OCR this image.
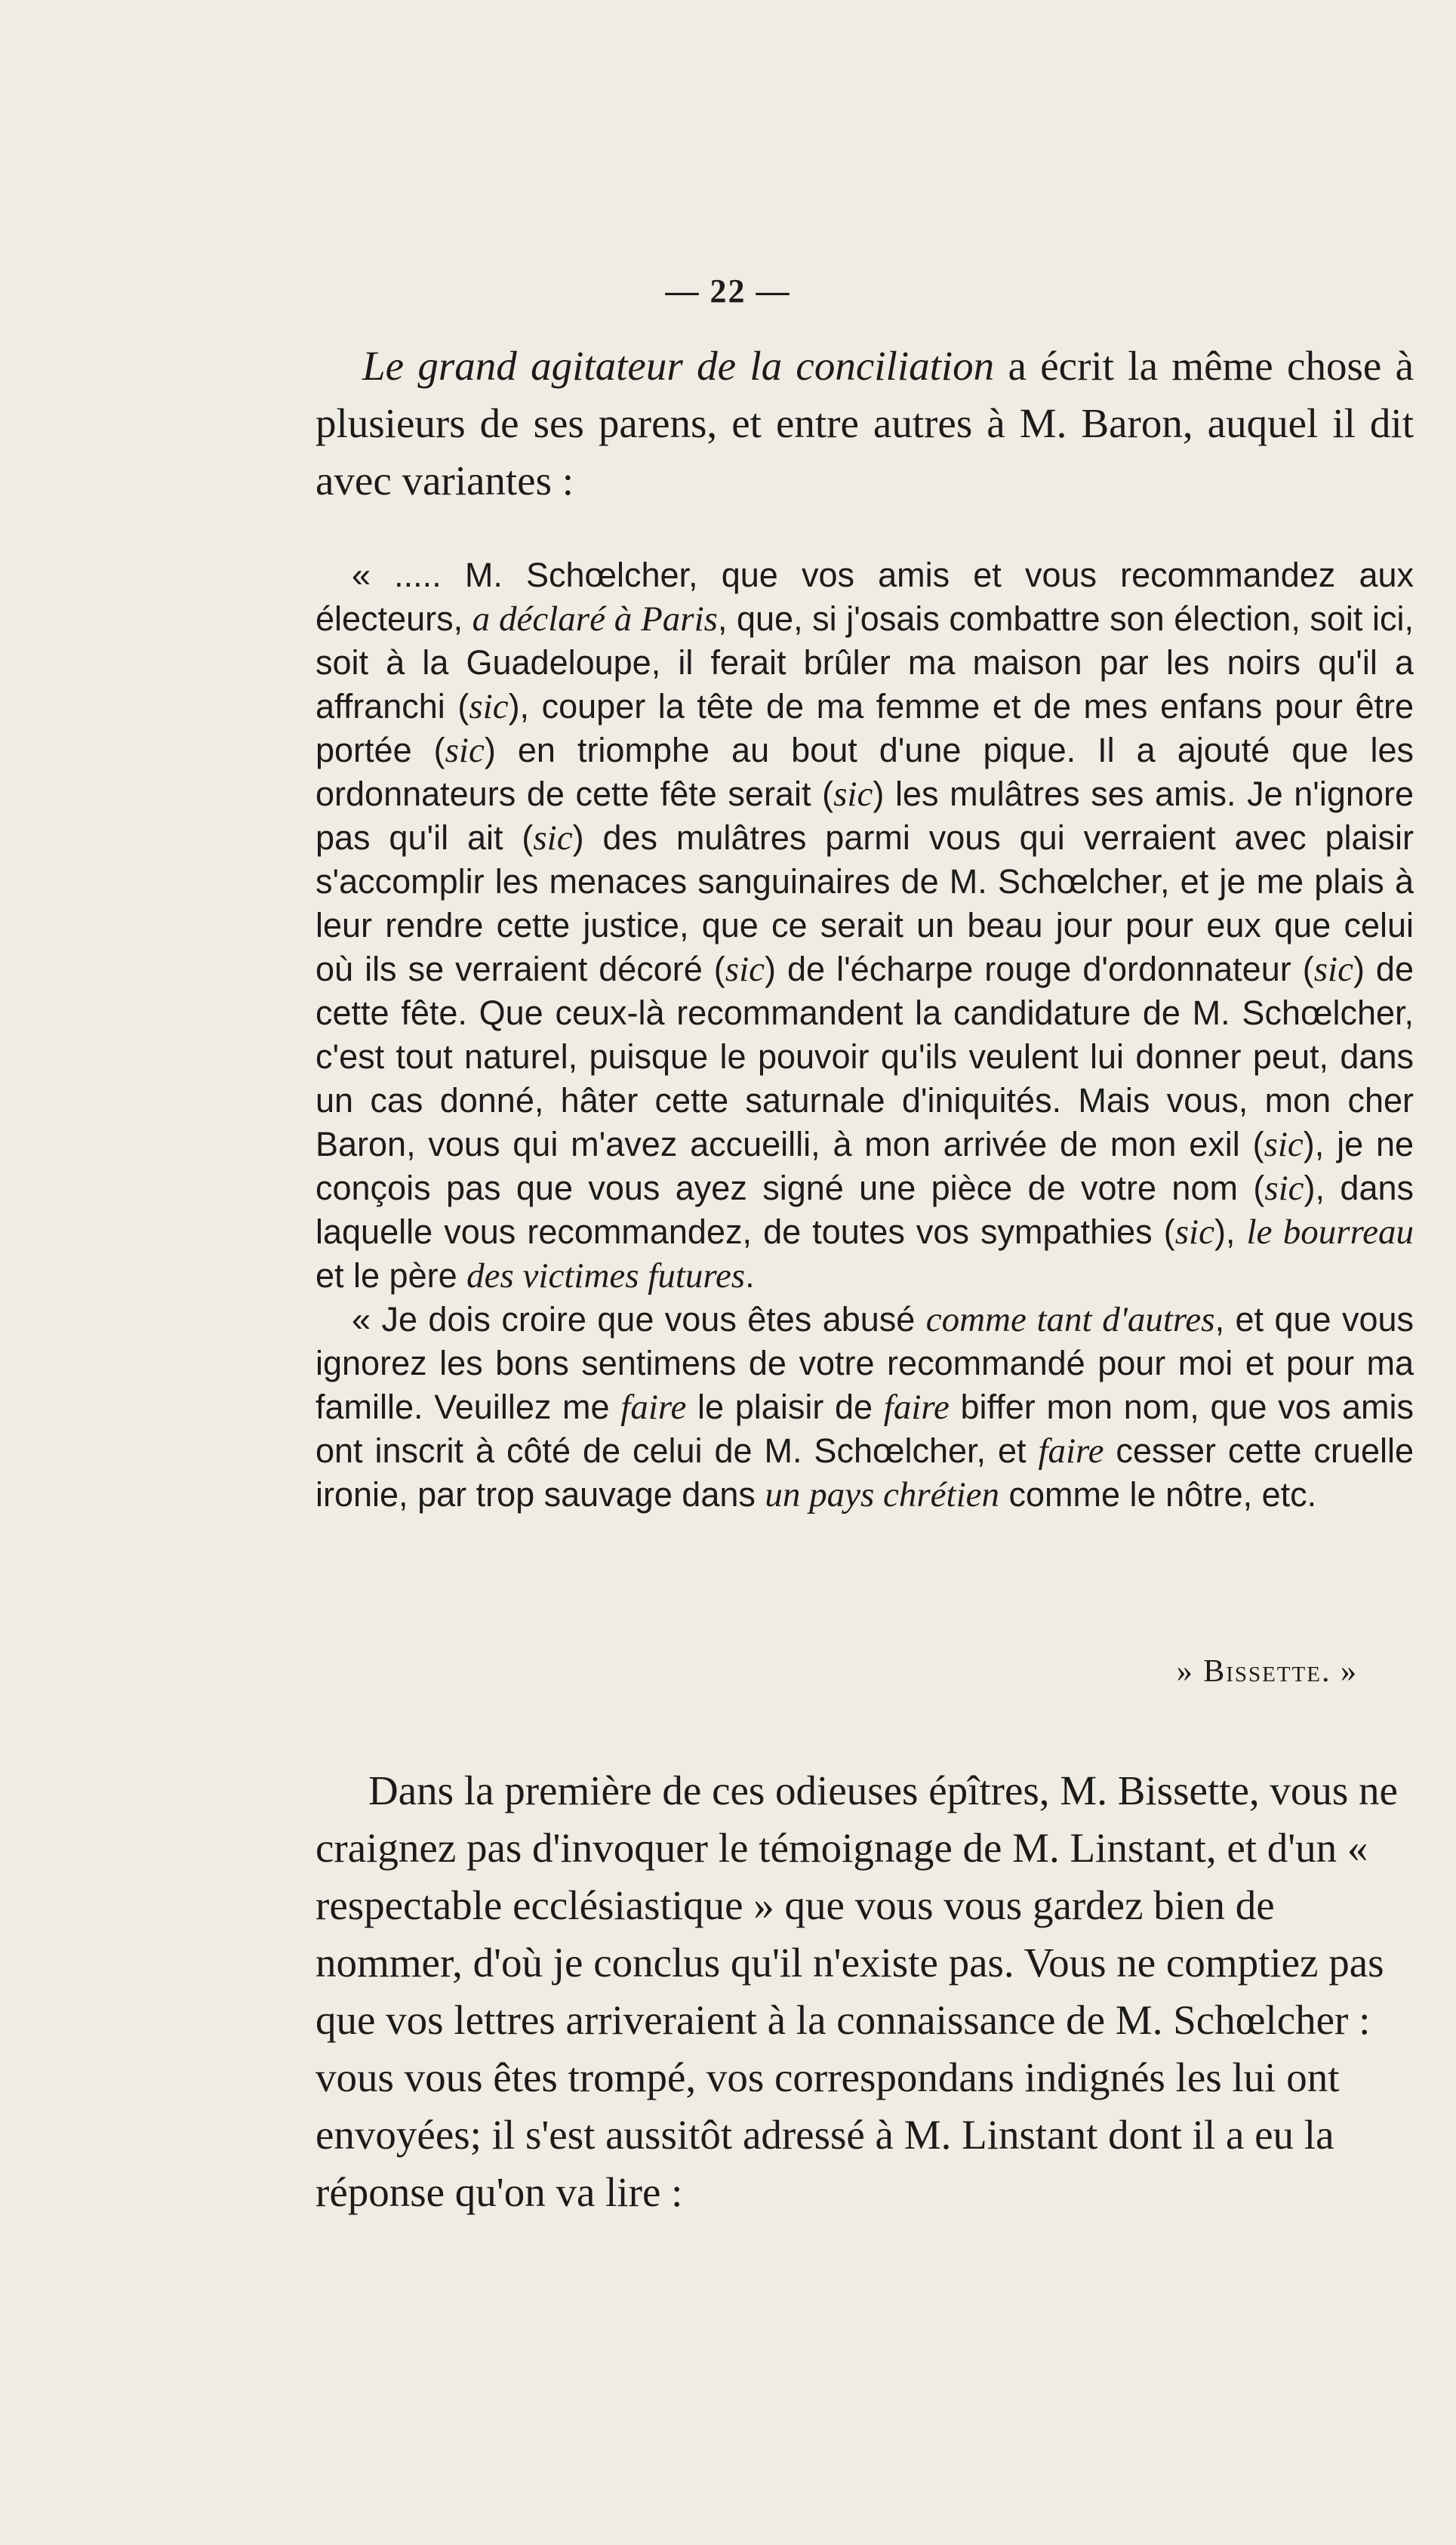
— 22 —

Le grand agitateur de la conciliation a écrit la même chose à plusieurs de ses parens, et entre autres à M. Baron, auquel il dit avec variantes :

« ..... M. Schœlcher, que vos amis et vous recommandez aux électeurs, a déclaré à Paris, que, si j'osais combattre son élection, soit ici, soit à la Guadeloupe, il ferait brûler ma maison par les noirs qu'il a affranchi (sic), couper la tête de ma femme et de mes enfans pour être portée (sic) en triomphe au bout d'une pique. Il a ajouté que les ordonnateurs de cette fête serait (sic) les mulâtres ses amis. Je n'ignore pas qu'il ait (sic) des mulâtres parmi vous qui verraient avec plaisir s'accomplir les menaces sanguinaires de M. Schœlcher, et je me plais à leur rendre cette justice, que ce serait un beau jour pour eux que celui où ils se verraient décoré (sic) de l'écharpe rouge d'ordonnateur (sic) de cette fête. Que ceux-là recommandent la candidature de M. Schœlcher, c'est tout naturel, puisque le pouvoir qu'ils veulent lui donner peut, dans un cas donné, hâter cette saturnale d'iniquités. Mais vous, mon cher Baron, vous qui m'avez accueilli, à mon arrivée de mon exil (sic), je ne conçois pas que vous ayez signé une pièce de votre nom (sic), dans laquelle vous recommandez, de toutes vos sympathies (sic), le bourreau et le père des victimes futures.

« Je dois croire que vous êtes abusé comme tant d'autres, et que vous ignorez les bons sentimens de votre recommandé pour moi et pour ma famille. Veuillez me faire le plaisir de faire biffer mon nom, que vos amis ont inscrit à côté de celui de M. Schœlcher, et faire cesser cette cruelle ironie, par trop sauvage dans un pays chrétien comme le nôtre, etc.

» Bissette. »

Dans la première de ces odieuses épîtres, M. Bissette, vous ne craignez pas d'invoquer le témoignage de M. Linstant, et d'un « respectable ecclésiastique » que vous vous gardez bien de nommer, d'où je conclus qu'il n'existe pas. Vous ne comptiez pas que vos lettres arriveraient à la connaissance de M. Schœlcher : vous vous êtes trompé, vos correspondans indignés les lui ont envoyées; il s'est aussitôt adressé à M. Linstant dont il a eu la réponse qu'on va lire :
